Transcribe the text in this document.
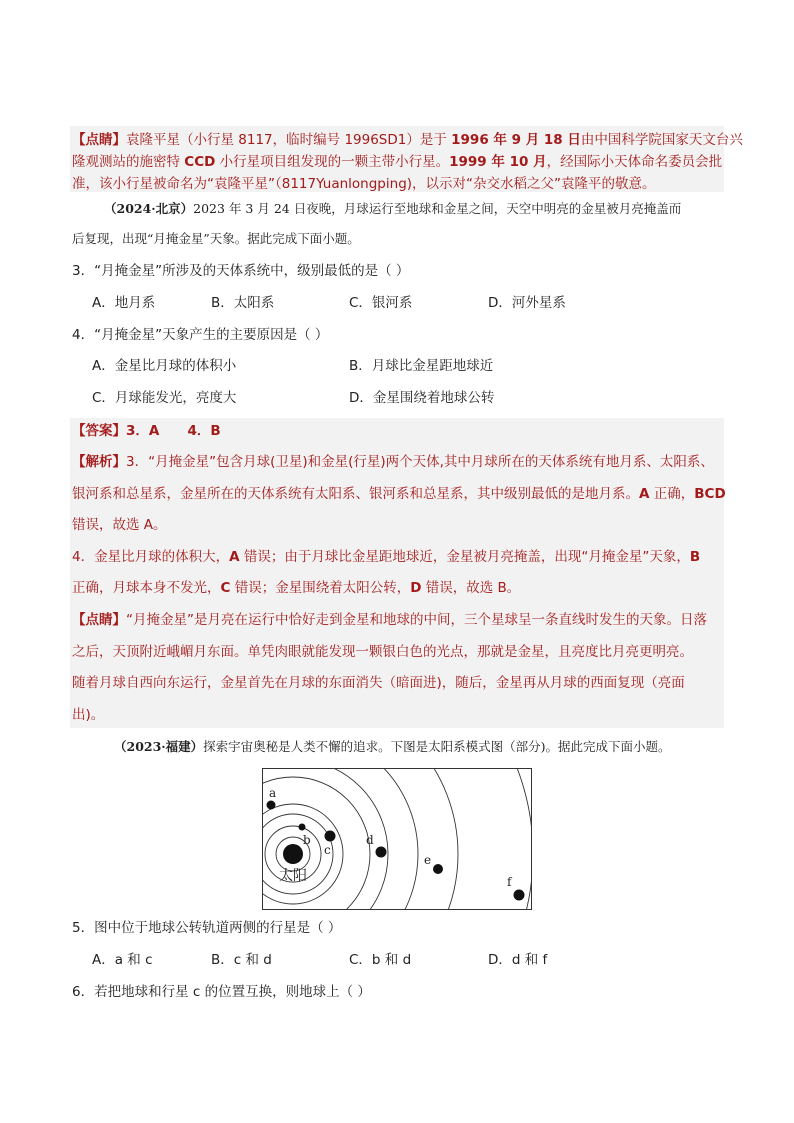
【点睛】袁隆平星（小行星 8117，临时编号 1996SD1）是于 1996 年 9 月 18 日由中国科学院国家天文台兴
隆观测站的施密特 CCD 小行星项目组发现的一颗主带小行星。1999 年 10 月，经国际小天体命名委员会批
准，该小行星被命名为“袁隆平星”（8117Yuanlongping)，以示对“杂交水稻之父”袁隆平的敬意。
（2024·北京）2023 年 3 月 24 日夜晚，月球运行至地球和金星之间，天空中明亮的金星被月亮掩盖而
后复现，出现“月掩金星”天象。据此完成下面小题。
3．“月掩金星”所涉及的天体系统中，级别最低的是（ ）
A．地月系	B．太阳系	C．银河系	D．河外星系
4．“月掩金星”天象产生的主要原因是（ ）
A．金星比月球的体积小	B．月球比金星距地球近
C．月球能发光，亮度大	D．金星围绕着地球公转
【答案】3．A      4．B
【解析】3．“月掩金星”包含月球(卫星)和金星(行星)两个天体,其中月球所在的天体系统有地月系、太阳系、
银河系和总星系，金星所在的天体系统有太阳系、银河系和总星系，其中级别最低的是地月系。A 正确，BCD
错误，故选 A。
4．金星比月球的体积大，A 错误；由于月球比金星距地球近，金星被月亮掩盖，出现“月掩金星”天象，B
正确，月球本身不发光，C 错误；金星围绕着太阳公转，D 错误，故选 B。
【点睛】“月掩金星”是月亮在运行中恰好走到金星和地球的中间，三个星球呈一条直线时发生的天象。日落
之后，天顶附近峨嵋月东面。单凭肉眼就能发现一颗银白色的光点，那就是金星，且亮度比月亮更明亮。
随着月球自西向东运行，金星首先在月球的东面消失（暗面进)，随后，金星再从月球的西面复现（亮面
出)。
（2023·福建）探索宇宙奥秘是人类不懈的追求。下图是太阳系模式图（部分)。据此完成下面小题。
太阳
a
b
c
d
e
f
5．图中位于地球公转轨道两侧的行星是（ ）
A．a 和 c	B．c 和 d	C．b 和 d	D．d 和 f
6．若把地球和行星 c 的位置互换，则地球上（ ）
